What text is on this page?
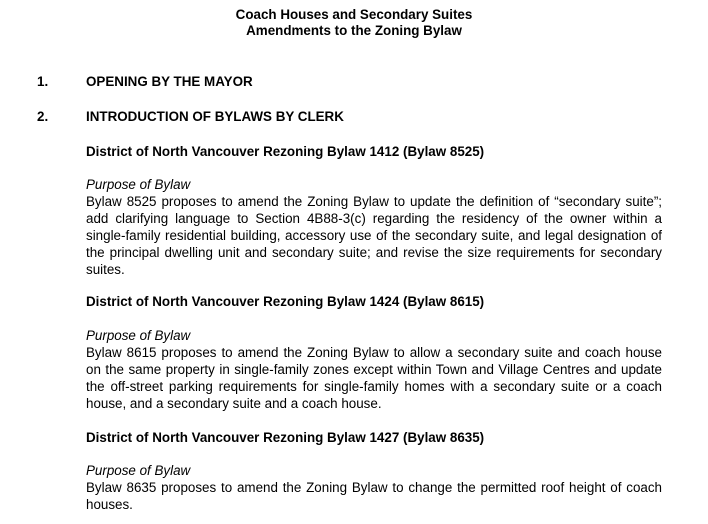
Coach Houses and Secondary Suites
Amendments to the Zoning Bylaw
1.	OPENING BY THE MAYOR
2.	INTRODUCTION OF BYLAWS BY CLERK
District of North Vancouver Rezoning Bylaw 1412 (Bylaw 8525)
Purpose of Bylaw
Bylaw 8525 proposes to amend the Zoning Bylaw to update the definition of “secondary suite”; add clarifying language to Section 4B88-3(c) regarding the residency of the owner within a single-family residential building, accessory use of the secondary suite, and legal designation of the principal dwelling unit and secondary suite; and revise the size requirements for secondary suites.
District of North Vancouver Rezoning Bylaw 1424 (Bylaw 8615)
Purpose of Bylaw
Bylaw 8615 proposes to amend the Zoning Bylaw to allow a secondary suite and coach house on the same property in single-family zones except within Town and Village Centres and update the off-street parking requirements for single-family homes with a secondary suite or a coach house, and a secondary suite and a coach house.
District of North Vancouver Rezoning Bylaw 1427 (Bylaw 8635)
Purpose of Bylaw
Bylaw 8635 proposes to amend the Zoning Bylaw to change the permitted roof height of coach houses.
